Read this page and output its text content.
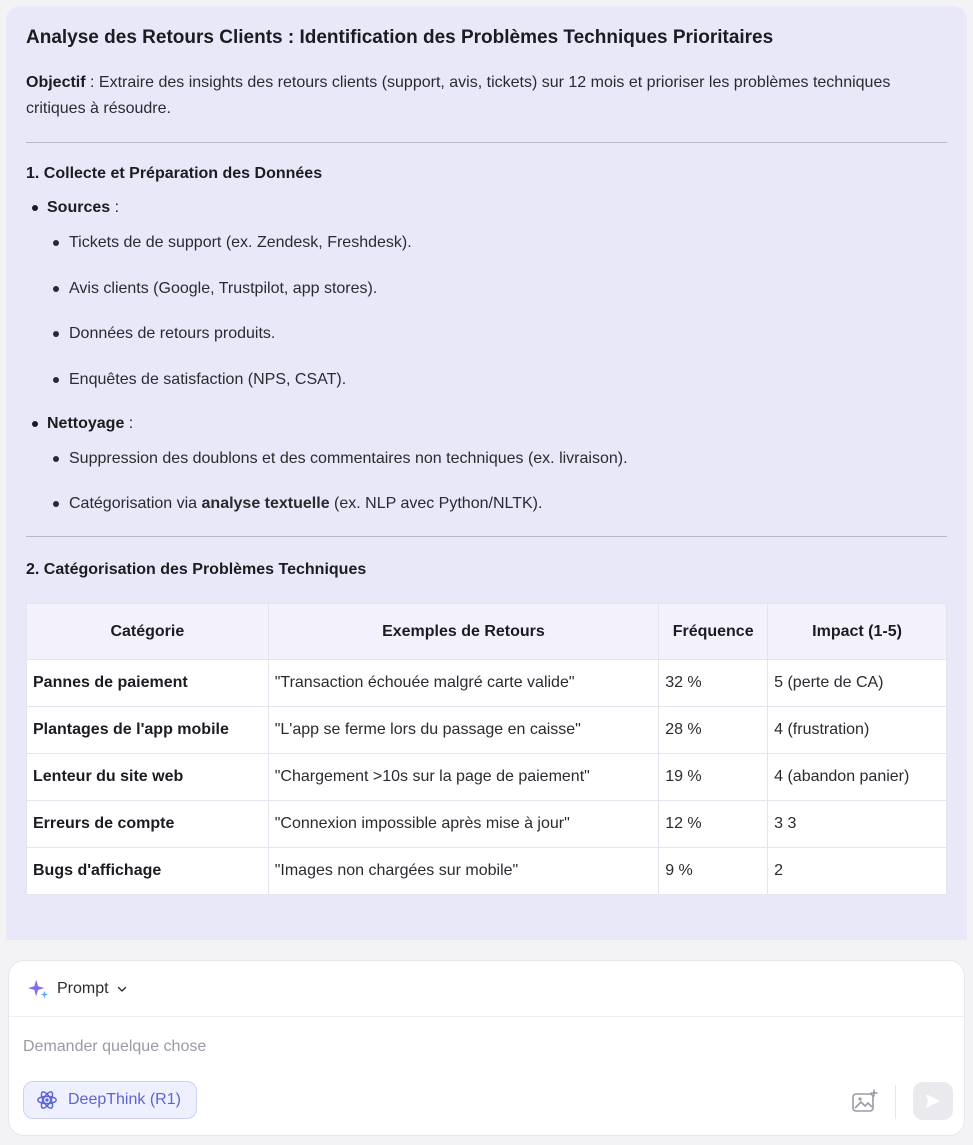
Analyse des Retours Clients : Identification des Problèmes Techniques Prioritaires

Objectif : Extraire des insights des retours clients (support, avis, tickets) sur 12 mois et prioriser les problèmes techniques critiques à résoudre.

1. Collecte et Préparation des Données
Sources :
Tickets de de support (ex. Zendesk, Freshdesk).
Avis clients (Google, Trustpilot, app stores).
Données de retours produits.
Enquêtes de satisfaction (NPS, CSAT).
Nettoyage :
Suppression des doublons et des commentaires non techniques (ex. livraison).
Catégorisation via analyse textuelle (ex. NLP avec Python/NLTK).
2. Catégorisation des Problèmes Techniques
Catégorie	Exemples de Retours	Fréquence	Impact (1-5)
Pannes de paiement	"Transaction échouée malgré carte valide"	32 %	5 (perte de CA)
Plantages de l'app mobile	"L'app se ferme lors du passage en caisse"	28 %	4 (frustration)
Lenteur du site web	"Chargement >10s sur la page de paiement"	19 %	4 (abandon panier)
Erreurs de compte	"Connexion impossible après mise à jour"	12 %	3 3
Bugs d'affichage	"Images non chargées sur mobile"	9 %	2
Prompt
Demander quelque chose
DeepThink (R1)
